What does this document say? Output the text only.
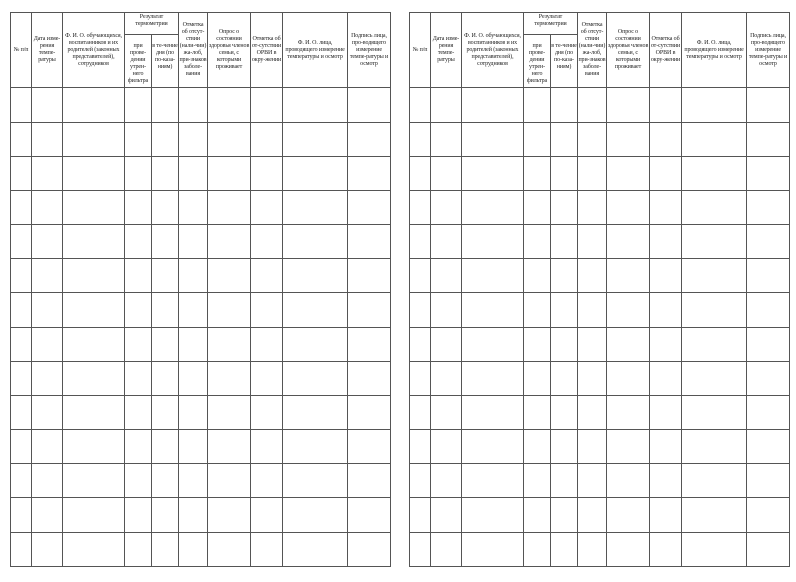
№ п/п	Дата изме-рения темпе-ратуры	Ф. И. О. обучающихся, воспитанников и их родителей (законных представителей), сотрудников	Результат термометрии		Отметка об отсут-ствии (нали-чии) жа-лоб, при-знаков заболе-вания	Опрос о состоянии здоровья членов семьи, с которыми проживает	Отметка об от-сутствии ОРВИ в окру-жении	Ф. И. О. лица, проводящего измерение температуры и осмотр	Подпись лица, про-водящего измерение темпе-ратуры и осмотр

			при прове-дении утрен-него фильтра	в те-чение дня (по по-каза-ниям)					

№ п/п	Дата изме-рения темпе-ратуры	Ф. И. О. обучающихся, воспитанников и их родителей (законных представителей), сотрудников	Результат термометрии		Отметка об отсут-ствии (нали-чии) жа-лоб, при-знаков заболе-вания	Опрос о состоянии здоровья членов семьи, с которыми проживает	Отметка об от-сутствии ОРВИ в окру-жении	Ф. И. О. лица, проводящего измерение температуры и осмотр	Подпись лица, про-водящего измерение темпе-ратуры и осмотр

			при прове-дении утрен-него фильтра	в те-чение дня (по по-каза-ниям)					
